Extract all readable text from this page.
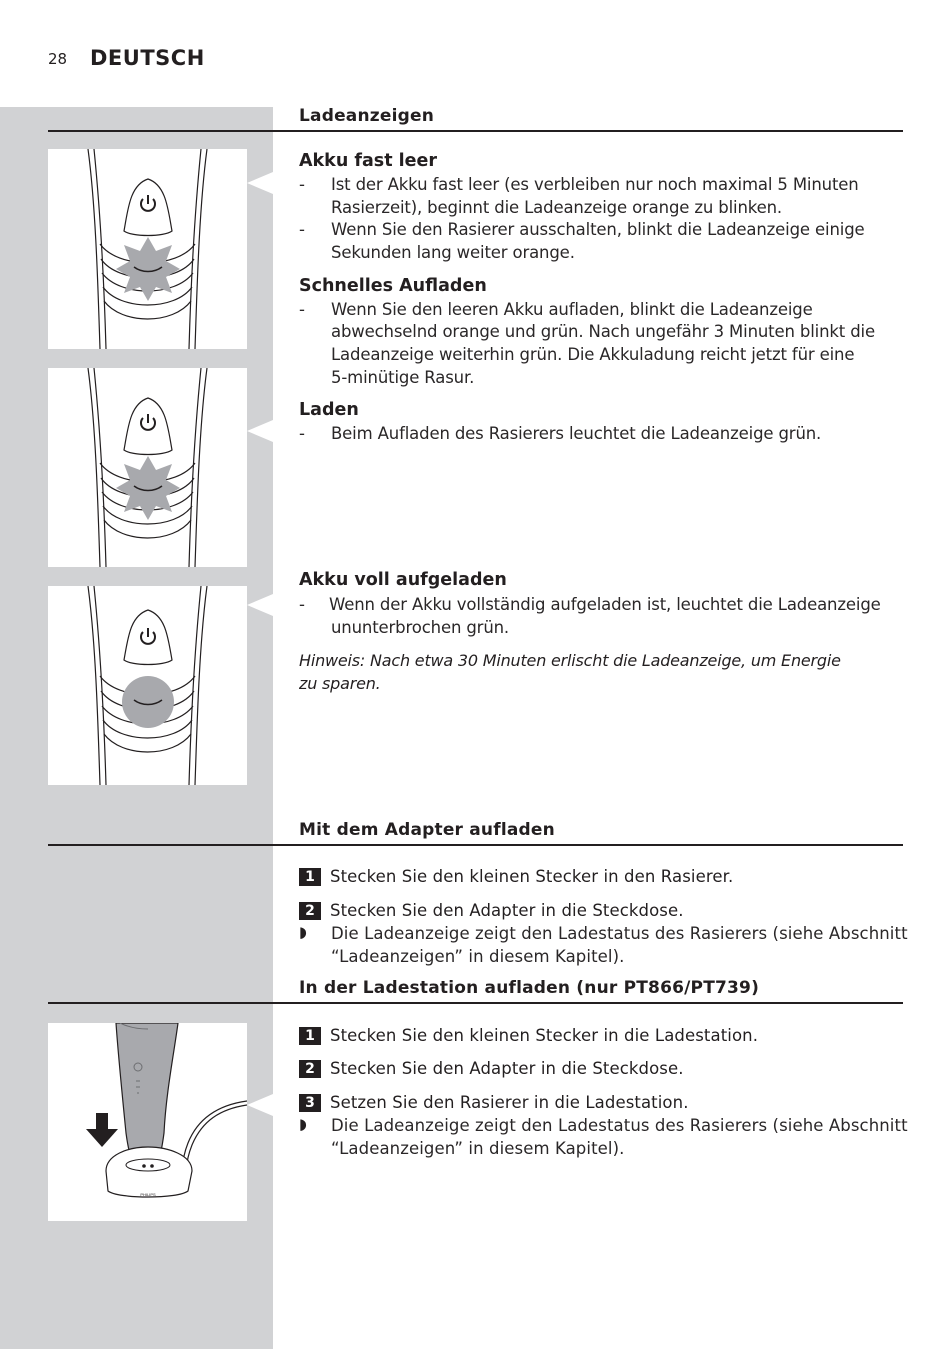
28 DEUTSCH
Ladeanzeigen
Akku fast leer
- Ist der Akku fast leer (es verbleiben nur noch maximal 5 Minuten
Rasierzeit), beginnt die Ladeanzeige orange zu blinken.
- Wenn Sie den Rasierer ausschalten, blinkt die Ladeanzeige einige
Sekunden lang weiter orange.
Schnelles Aufladen
- Wenn Sie den leeren Akku aufladen, blinkt die Ladeanzeige
abwechselnd orange und grün. Nach ungefähr 3 Minuten blinkt die
Ladeanzeige weiterhin grün. Die Akkuladung reicht jetzt für eine
5-minütige Rasur.
Laden
- Beim Aufladen des Rasierers leuchtet die Ladeanzeige grün.
Akku voll aufgeladen
- Wenn der Akku vollständig aufgeladen ist, leuchtet die Ladeanzeige
ununterbrochen grün.
Hinweis: Nach etwa 30 Minuten erlischt die Ladeanzeige, um Energie
zu sparen.
Mit dem Adapter aufladen
1 Stecken Sie den kleinen Stecker in den Rasierer.
2 Stecken Sie den Adapter in die Steckdose.
◗ Die Ladeanzeige zeigt den Ladestatus des Rasierers (siehe Abschnitt
“Ladeanzeigen” in diesem Kapitel).
In der Ladestation aufladen (nur PT866/PT739)
1 Stecken Sie den kleinen Stecker in die Ladestation.
2 Stecken Sie den Adapter in die Steckdose.
3 Setzen Sie den Rasierer in die Ladestation.
◗ Die Ladeanzeige zeigt den Ladestatus des Rasierers (siehe Abschnitt
“Ladeanzeigen” in diesem Kapitel).
PHILIPS
